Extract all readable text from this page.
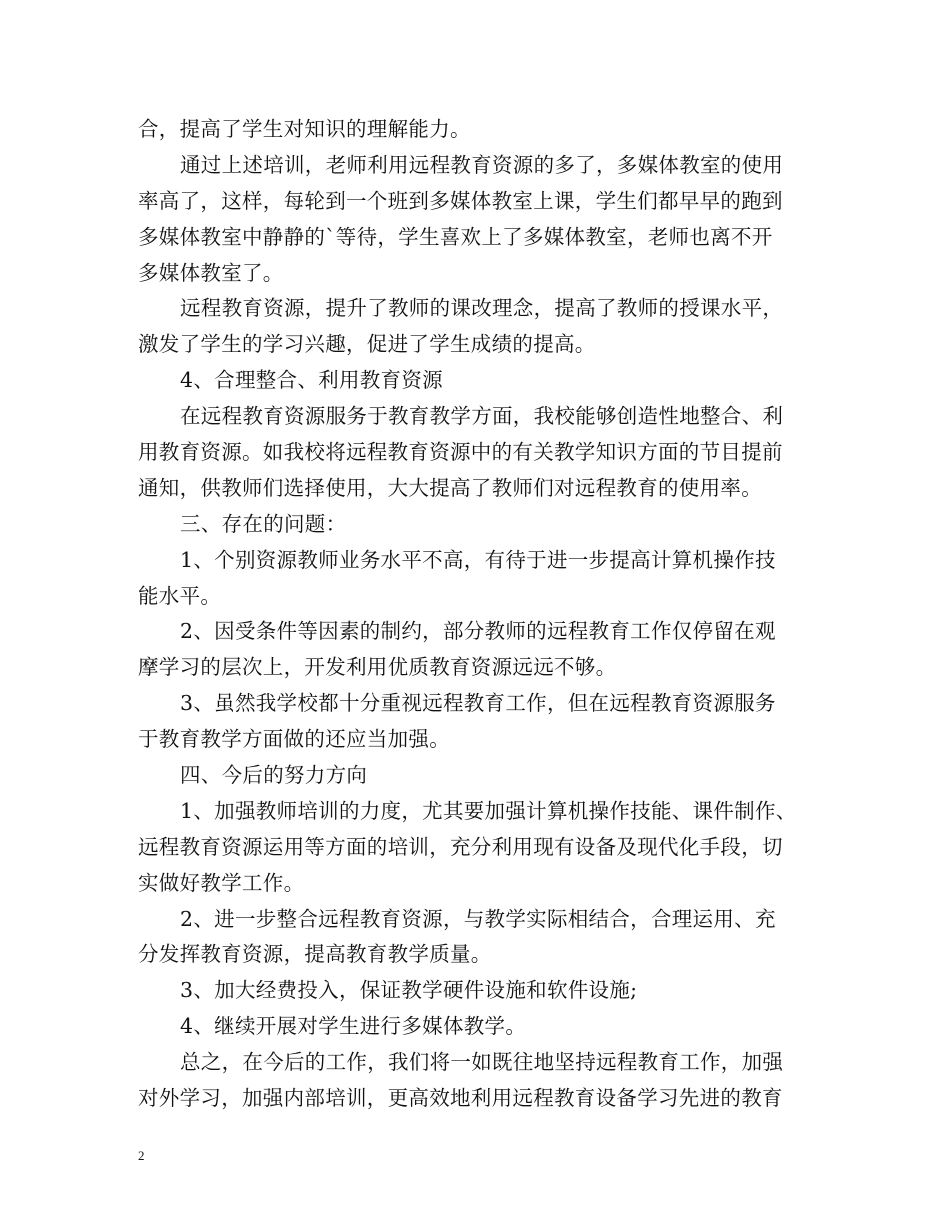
合，提高了学生对知识的理解能力。
通过上述培训，老师利用远程教育资源的多了，多媒体教室的使用
率高了，这样，每轮到一个班到多媒体教室上课，学生们都早早的跑到
多媒体教室中静静的`等待，学生喜欢上了多媒体教室，老师也离不开
多媒体教室了。
远程教育资源，提升了教师的课改理念，提高了教师的授课水平，
激发了学生的学习兴趣，促进了学生成绩的提高。
4、合理整合、利用教育资源
在远程教育资源服务于教育教学方面，我校能够创造性地整合、利
用教育资源。如我校将远程教育资源中的有关教学知识方面的节目提前
通知，供教师们选择使用，大大提高了教师们对远程教育的使用率。
三、存在的问题：
1、个别资源教师业务水平不高，有待于进一步提高计算机操作技
能水平。
2、因受条件等因素的制约，部分教师的远程教育工作仅停留在观
摩学习的层次上，开发利用优质教育资源远远不够。
3、虽然我学校都十分重视远程教育工作，但在远程教育资源服务
于教育教学方面做的还应当加强。
四、今后的努力方向
1、加强教师培训的力度，尤其要加强计算机操作技能、课件制作、
远程教育资源运用等方面的培训，充分利用现有设备及现代化手段，切
实做好教学工作。
2、进一步整合远程教育资源，与教学实际相结合，合理运用、充
分发挥教育资源，提高教育教学质量。
3、加大经费投入，保证教学硬件设施和软件设施;
4、继续开展对学生进行多媒体教学。
总之，在今后的工作，我们将一如既往地坚持远程教育工作，加强
对外学习，加强内部培训，更高效地利用远程教育设备学习先进的教育
2
